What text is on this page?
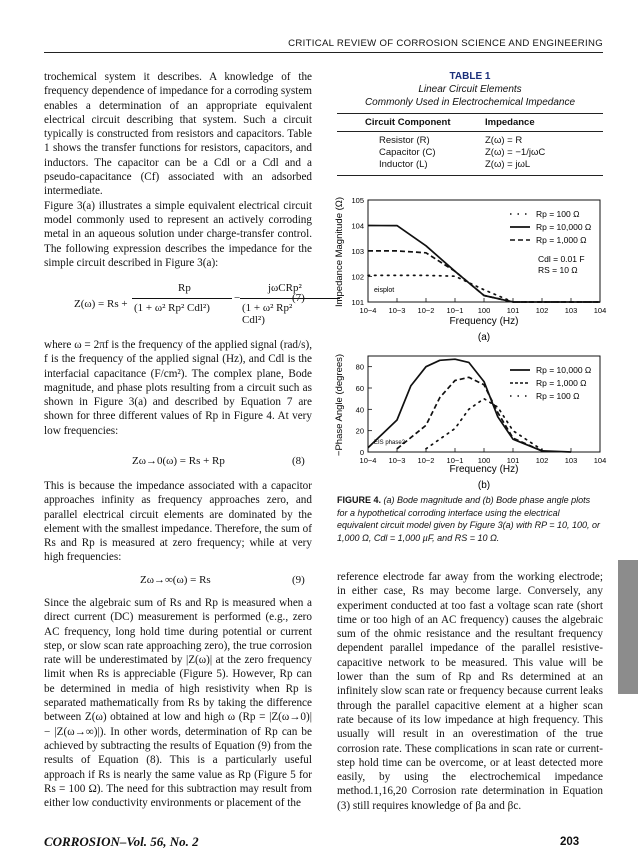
CRITICAL REVIEW OF CORROSION SCIENCE AND ENGINEERING

trochemical system it describes. A knowledge of the frequency dependence of impedance for a corroding system enables a determination of an appropriate equivalent electrical circuit describing that system. Such a circuit typically is constructed from resistors and capacitors. Table 1 shows the transfer functions for resistors, capacitors, and inductors. The capacitor can be a Cdl or a Cdl and a pseudo-capacitance (Cf) associated with an adsorbed intermediate.

Figure 3(a) illustrates a simple equivalent electrical circuit model commonly used to represent an actively corroding metal in an aqueous solution under charge-transfer control. The following expression describes the impedance for the simple circuit described in Figure 3(a):

Z(ω) = Rs +
Rp
(1 + ω² Rp² Cdl²)
−
jωCRp²
(1 + ω² Rp² Cdl²)
(7)

where ω = 2πf is the frequency of the applied signal (rad/s), f is the frequency of the applied signal (Hz), and Cdl is the interfacial capacitance (F/cm²). The complex plane, Bode magnitude, and phase plots resulting from a circuit such as shown in Figure 3(a) and described by Equation 7 are shown for three different values of Rp in Figure 4. At very low frequencies:

Zω→0(ω) = Rs + Rp	(8)

This is because the impedance associated with a capacitor approaches infinity as frequency approaches zero, and parallel electrical circuit elements are dominated by the element with the smallest impedance. Therefore, the sum of Rs and Rp is measured at zero frequency; while at very high frequencies:

Zω→∞(ω) = Rs	(9)

Since the algebraic sum of Rs and Rp is measured when a direct current (DC) measurement is performed (e.g., zero AC frequency, long hold time during potential or current step, or slow scan rate approaching zero), the true corrosion rate will be underestimated by |Z(ω)| at the zero frequency limit when Rs is appreciable (Figure 5). However, Rp can be determined in media of high resistivity when Rp is separated mathematically from Rs by taking the difference between Z(ω) obtained at low and high ω (Rp = |Z(ω→0)| − |Z(ω→∞)|). In other words, determination of Rp can be achieved by subtracting the results of Equation (9) from the results of Equation (8). This is a particularly useful approach if Rs is nearly the same value as Rp (Figure 5 for Rs = 100 Ω). The need for this subtraction may result from either low conductivity environments or placement of the

TABLE 1
Linear Circuit Elements
Commonly Used in Electrochemical Impedance
Circuit Component	Impedance
Resistor (R)	Z(ω) = R
Capacitor (C)	Z(ω) = −1/jωC
Inductor (L)	Z(ω) = jωL
10−4 10−3 10−2 10−1 100 101 102 103 104
101
102
103
104
105
Impedance Magnitude (Ω)
Frequency (Hz)
(a)
eisplot
Rp = 100 Ω
Rp = 10,000 Ω
Rp = 1,000 Ω
Cdl = 0.01 F
RS = 10 Ω
10−4 10−3 10−2 10−1 100 101 102 103 104
0
20
40
60
80
−Phase Angle (degrees)
Frequency (Hz)
(b)
EIS phase2
Rp = 10,000 Ω
Rp = 1,000 Ω
Rp = 100 Ω
FIGURE 4. (a) Bode magnitude and (b) Bode phase angle plots for a hypothetical corroding interface using the electrical equivalent circuit model given by Figure 3(a) with RP = 10, 100, or 1,000 Ω, Cdl = 1,000 µF, and RS = 10 Ω.

reference electrode far away from the working electrode; in either case, Rs may become large. Conversely, any experiment conducted at too fast a voltage scan rate (short time or too high of an AC frequency) causes the algebraic sum of the ohmic resistance and the resultant frequency dependent parallel impedance of the parallel resistive-capacitive network to be measured. This value will be lower than the sum of Rp and Rs determined at an infinitely slow scan rate or frequency because current leaks through the parallel capacitive element at a higher scan rate because of its low impedance at high frequency. This usually will result in an overestimation of the true corrosion rate. These complications in scan rate or current-step hold time can be overcome, or at least detected more easily, by using the electrochemical impedance method.1,16,20 Corrosion rate determination in Equation (3) still requires knowledge of βa and βc.

CORROSION–Vol. 56, No. 2	203
